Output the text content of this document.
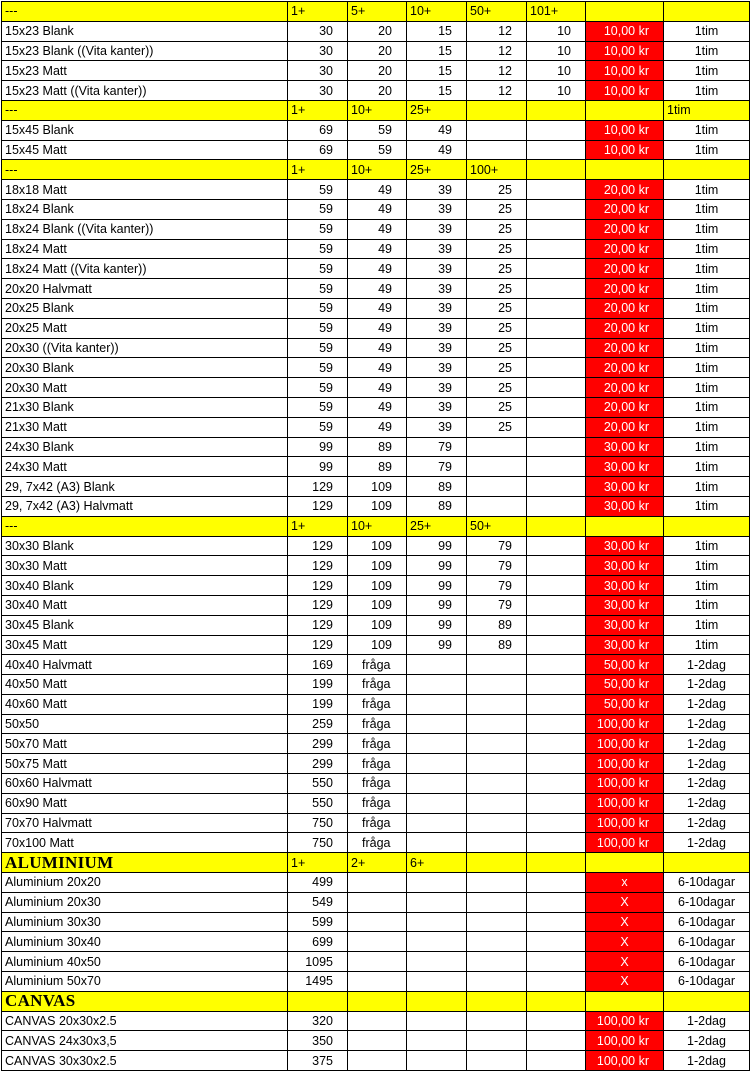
---	1+	5+	10+	50+	101+		
15x23 Blank	30	20	15	12	10	10,00 kr	1tim
15x23 Blank ((Vita kanter))	30	20	15	12	10	10,00 kr	1tim
15x23 Matt	30	20	15	12	10	10,00 kr	1tim
15x23 Matt ((Vita kanter))	30	20	15	12	10	10,00 kr	1tim
---	1+	10+	25+				1tim
15x45 Blank	69	59	49			10,00 kr	1tim
15x45 Matt	69	59	49			10,00 kr	1tim
---	1+	10+	25+	100+			
18x18 Matt	59	49	39	25		20,00 kr	1tim
18x24 Blank	59	49	39	25		20,00 kr	1tim
18x24 Blank ((Vita kanter))	59	49	39	25		20,00 kr	1tim
18x24 Matt	59	49	39	25		20,00 kr	1tim
18x24 Matt ((Vita kanter))	59	49	39	25		20,00 kr	1tim
20x20 Halvmatt	59	49	39	25		20,00 kr	1tim
20x25 Blank	59	49	39	25		20,00 kr	1tim
20x25 Matt	59	49	39	25		20,00 kr	1tim
20x30 ((Vita kanter))	59	49	39	25		20,00 kr	1tim
20x30 Blank	59	49	39	25		20,00 kr	1tim
20x30 Matt	59	49	39	25		20,00 kr	1tim
21x30 Blank	59	49	39	25		20,00 kr	1tim
21x30 Matt	59	49	39	25		20,00 kr	1tim
24x30 Blank	99	89	79			30,00 kr	1tim
24x30 Matt	99	89	79			30,00 kr	1tim
29, 7x42 (A3) Blank	129	109	89			30,00 kr	1tim
29, 7x42 (A3) Halvmatt	129	109	89			30,00 kr	1tim
---	1+	10+	25+	50+			
30x30 Blank	129	109	99	79		30,00 kr	1tim
30x30 Matt	129	109	99	79		30,00 kr	1tim
30x40 Blank	129	109	99	79		30,00 kr	1tim
30x40 Matt	129	109	99	79		30,00 kr	1tim
30x45 Blank	129	109	99	89		30,00 kr	1tim
30x45 Matt	129	109	99	89		30,00 kr	1tim
40x40 Halvmatt	169	fråga				50,00 kr	1-2dag
40x50 Matt	199	fråga				50,00 kr	1-2dag
40x60 Matt	199	fråga				50,00 kr	1-2dag
50x50	259	fråga				100,00 kr	1-2dag
50x70 Matt	299	fråga				100,00 kr	1-2dag
50x75 Matt	299	fråga				100,00 kr	1-2dag
60x60 Halvmatt	550	fråga				100,00 kr	1-2dag
60x90 Matt	550	fråga				100,00 kr	1-2dag
70x70 Halvmatt	750	fråga				100,00 kr	1-2dag
70x100 Matt	750	fråga				100,00 kr	1-2dag
ALUMINIUM	1+	2+	6+				
Aluminium 20x20	499					x	6-10dagar
Aluminium 20x30	549					X	6-10dagar
Aluminium 30x30	599					X	6-10dagar
Aluminium 30x40	699					X	6-10dagar
Aluminium 40x50	1095					X	6-10dagar
Aluminium 50x70	1495					X	6-10dagar
CANVAS							
CANVAS 20x30x2.5	320					100,00 kr	1-2dag
CANVAS 24x30x3,5	350					100,00 kr	1-2dag
CANVAS 30x30x2.5	375					100,00 kr	1-2dag
